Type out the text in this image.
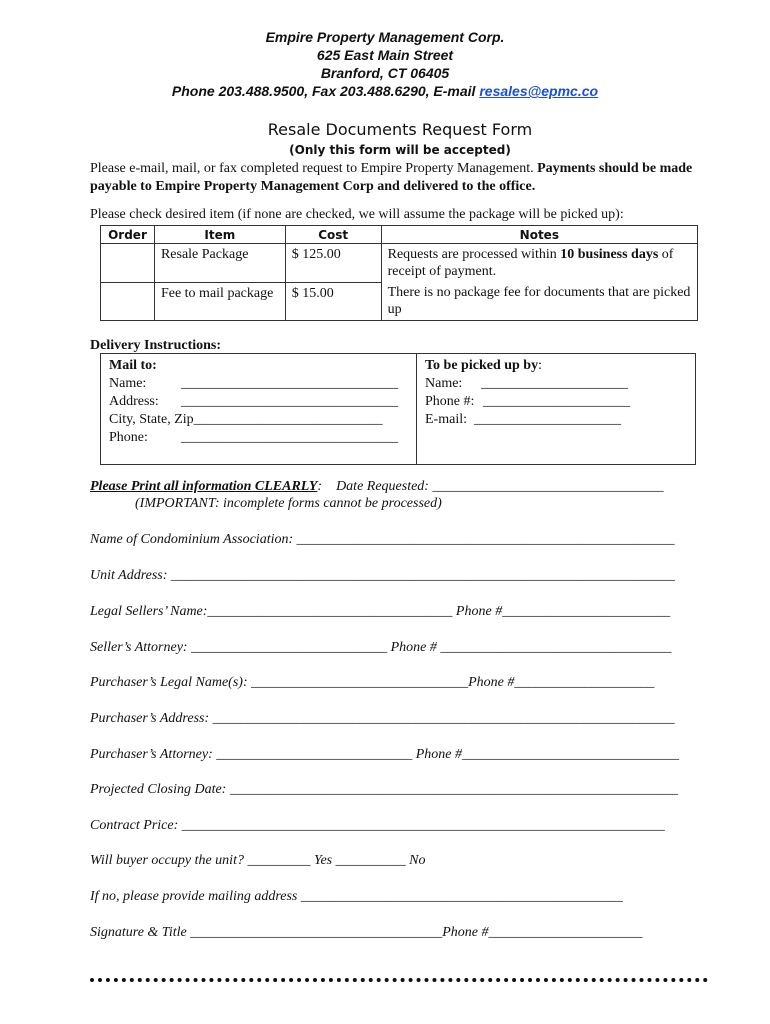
Empire Property Management Corp.
625 East Main Street
Branford, CT 06405
Phone 203.488.9500, Fax 203.488.6290, E-mail resales@epmc.co
Resale Documents Request Form
(Only this form will be accepted)
Please e-mail, mail, or fax completed request to Empire Property Management. Payments should be made payable to Empire Property Management Corp and delivered to the office.
Please check desired item (if none are checked, we will assume the package will be picked up):
Order	Item	Cost	Notes
	Resale Package	$ 125.00	Requests are processed within 10 business days of receipt of payment.
	Fee to mail package	$ 15.00	There is no package fee for documents that are picked up
Delivery Instructions:
Mail to:
Name: _______________________________
Address: _______________________________
City, State, Zip___________________________
Phone: _______________________________
To be picked up by:
Name: _____________________
Phone #: _____________________
E-mail: _____________________
Please Print all information CLEARLY: Date Requested: _________________________________
(IMPORTANT: incomplete forms cannot be processed)
Name of Condominium Association: ______________________________________________________
Unit Address: ________________________________________________________________________
Legal Sellers’ Name:___________________________________ Phone #________________________
Seller’s Attorney: ____________________________ Phone # _________________________________
Purchaser’s Legal Name(s): _______________________________Phone #____________________
Purchaser’s Address: __________________________________________________________________
Purchaser’s Attorney: ____________________________ Phone #_______________________________
Projected Closing Date: ________________________________________________________________
Contract Price: _____________________________________________________________________
Will buyer occupy the unit? _________ Yes __________ No
If no, please provide mailing address ______________________________________________
Signature & Title ____________________________________Phone #______________________
